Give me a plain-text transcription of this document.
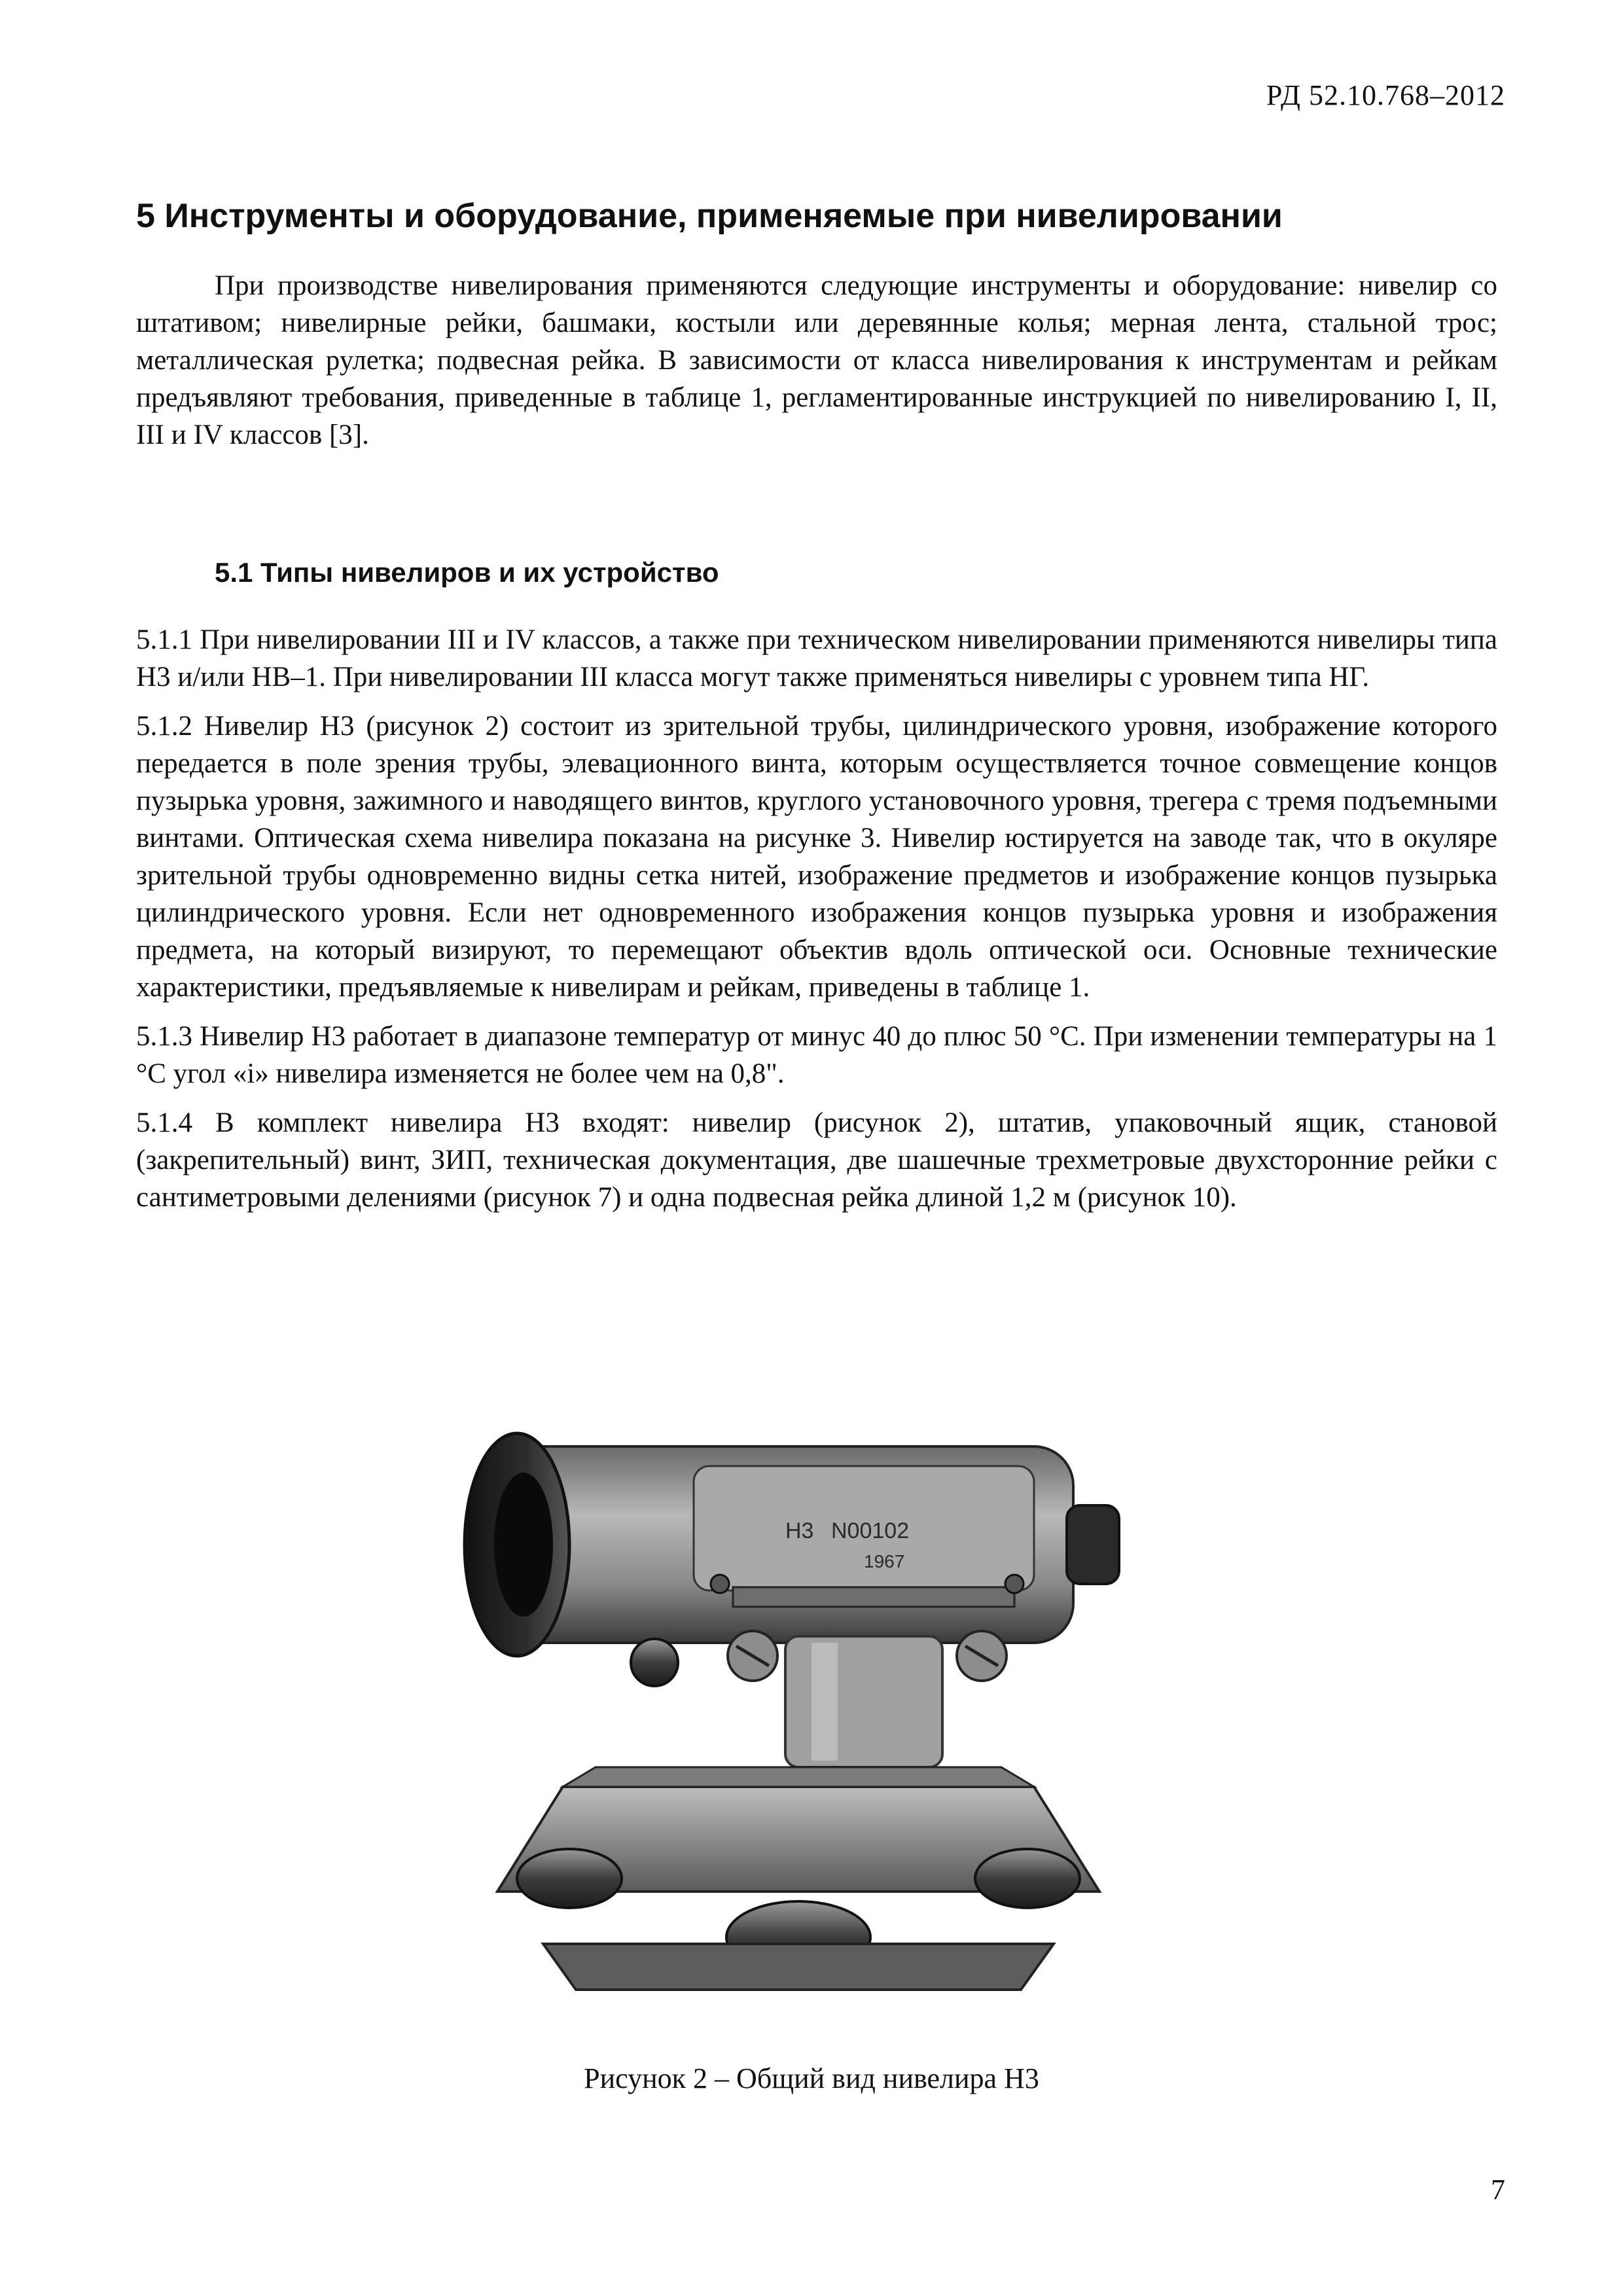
РД 52.10.768–2012
5 Инструменты и оборудование, применяемые при нивелировании

При производстве нивелирования применяются следующие инструменты и оборудование: нивелир со штативом; нивелирные рейки, башмаки, костыли или деревянные колья; мерная лента, стальной трос; металлическая рулетка; подвесная рейка. В зависимости от класса нивелирования к инструментам и рейкам предъявляют требования, приведенные в таблице 1, регламентированные инструкцией по нивелированию I, II, III и IV классов [3].

5.1 Типы нивелиров и их устройство

5.1.1 При нивелировании III и IV классов, а также при техническом нивелировании применяются нивелиры типа Н3 и/или НВ–1. При нивелировании III класса могут также применяться нивелиры с уровнем типа НГ.

5.1.2 Нивелир Н3 (рисунок 2) состоит из зрительной трубы, цилиндрического уровня, изображение которого передается в поле зрения трубы, элевационного винта, которым осуществляется точное совмещение концов пузырька уровня, зажимного и наводящего винтов, круглого установочного уровня, трегера с тремя подъемными винтами. Оптическая схема нивелира показана на рисунке 3. Нивелир юстируется на заводе так, что в окуляре зрительной трубы одновременно видны сетка нитей, изображение предметов и изображение концов пузырька цилиндрического уровня. Если нет одновременного изображения концов пузырька уровня и изображения предмета, на который визируют, то перемещают объектив вдоль оптической оси. Основные технические характеристики, предъявляемые к нивелирам и рейкам, приведены в таблице 1.

5.1.3 Нивелир Н3 работает в диапазоне температур от минус 40 до плюс 50 °С. При изменении температуры на 1 °С угол «i» нивелира изменяется не более чем на 0,8".

5.1.4 В комплект нивелира Н3 входят: нивелир (рисунок 2), штатив, упаковочный ящик, становой (закрепительный) винт, ЗИП, техническая документация, две шашечные трехметровые двухсторонние рейки с сантиметровыми делениями (рисунок 7) и одна подвесная рейка длиной 1,2 м (рисунок 10).

Н3 N00102
1967
Рисунок 2 – Общий вид нивелира Н3
7
